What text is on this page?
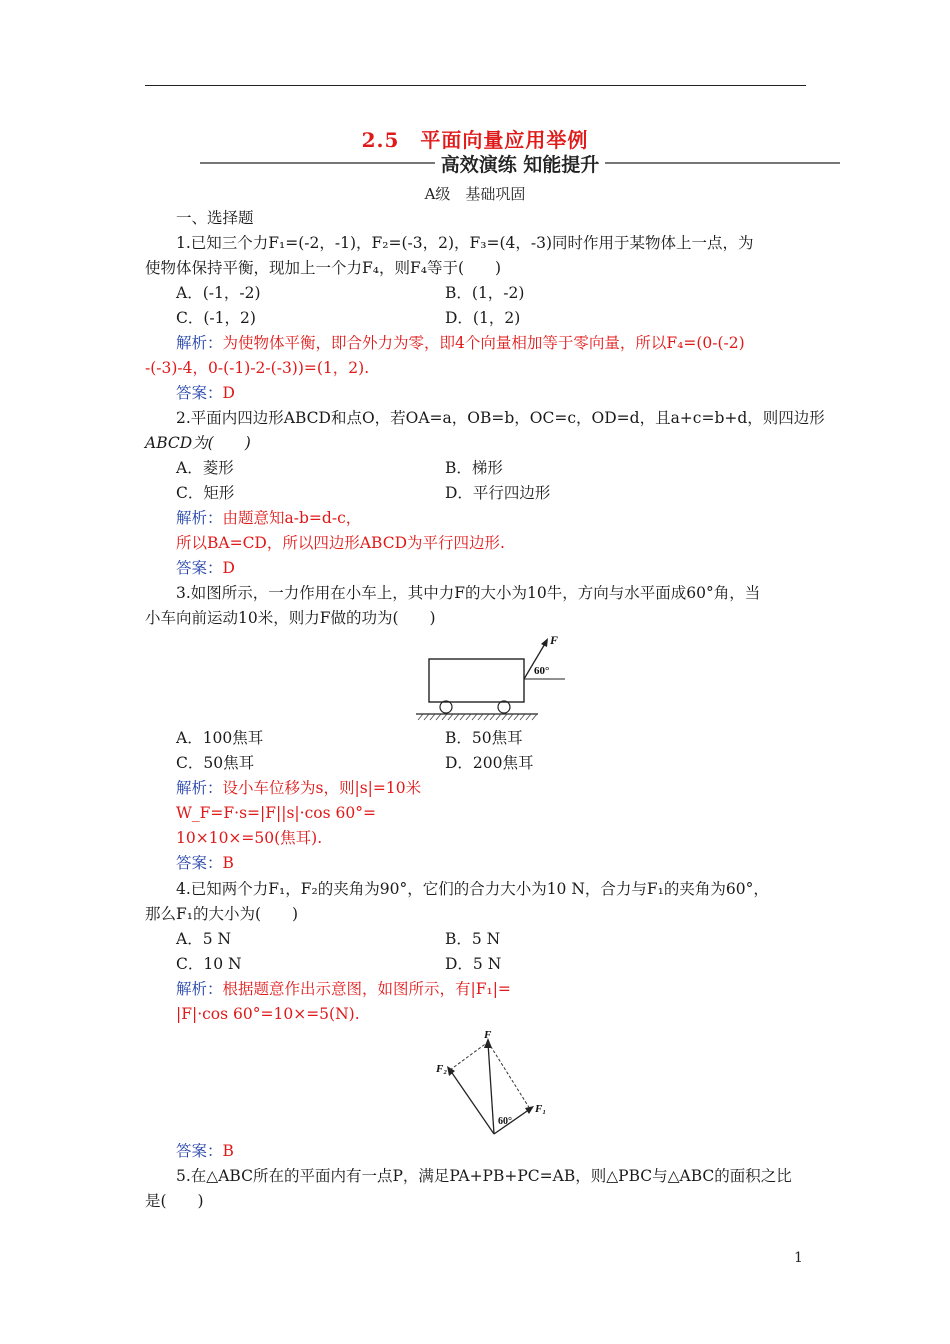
2.5　平面向量应用举例
高效演练 知能提升
A级　基础巩固
一、选择题
1.已知三个力F₁=(-2，-1)，F₂=(-3，2)，F₃=(4，-3)同时作用于某物体上一点，为
使物体保持平衡，现加上一个力F₄，则F₄等于(　　)
A．(-1，-2)	B．(1，-2)
C．(-1，2)	D．(1，2)
解析：为使物体平衡，即合外力为零，即4个向量相加等于零向量，所以F₄=(0-(-2)
-(-3)-4，0-(-1)-2-(-3))=(1，2).
答案：D
2.平面内四边形ABCD和点O，若OA=a，OB=b，OC=c，OD=d，且a+c=b+d，则四边形
ABCD为(　　)
A．菱形	B．梯形
C．矩形	D．平行四边形
解析：由题意知a-b=d-c，
所以BA=CD，所以四边形ABCD为平行四边形.
答案：D
3.如图所示，一力作用在小车上，其中力F的大小为10牛，方向与水平面成60°角，当
小车向前运动10米，则力F做的功为(　　)
F
60°
A．100焦耳	B．50焦耳
C．50焦耳	D．200焦耳
解析：设小车位移为s，则|s|=10米
W_F=F·s=|F||s|·cos 60°=
10×10×=50(焦耳).
答案：B
4.已知两个力F₁，F₂的夹角为90°，它们的合力大小为10 N，合力与F₁的夹角为60°，
那么F₁的大小为(　　)
A．5 N	B．5 N
C．10 N	D．5 N
解析：根据题意作出示意图，如图所示，有|F₁|=
|F|·cos 60°=10×=5(N).
F
F₂
F₁
60°
答案：B
5.在△ABC所在的平面内有一点P，满足PA+PB+PC=AB，则△PBC与△ABC的面积之比
是(　　)
1
